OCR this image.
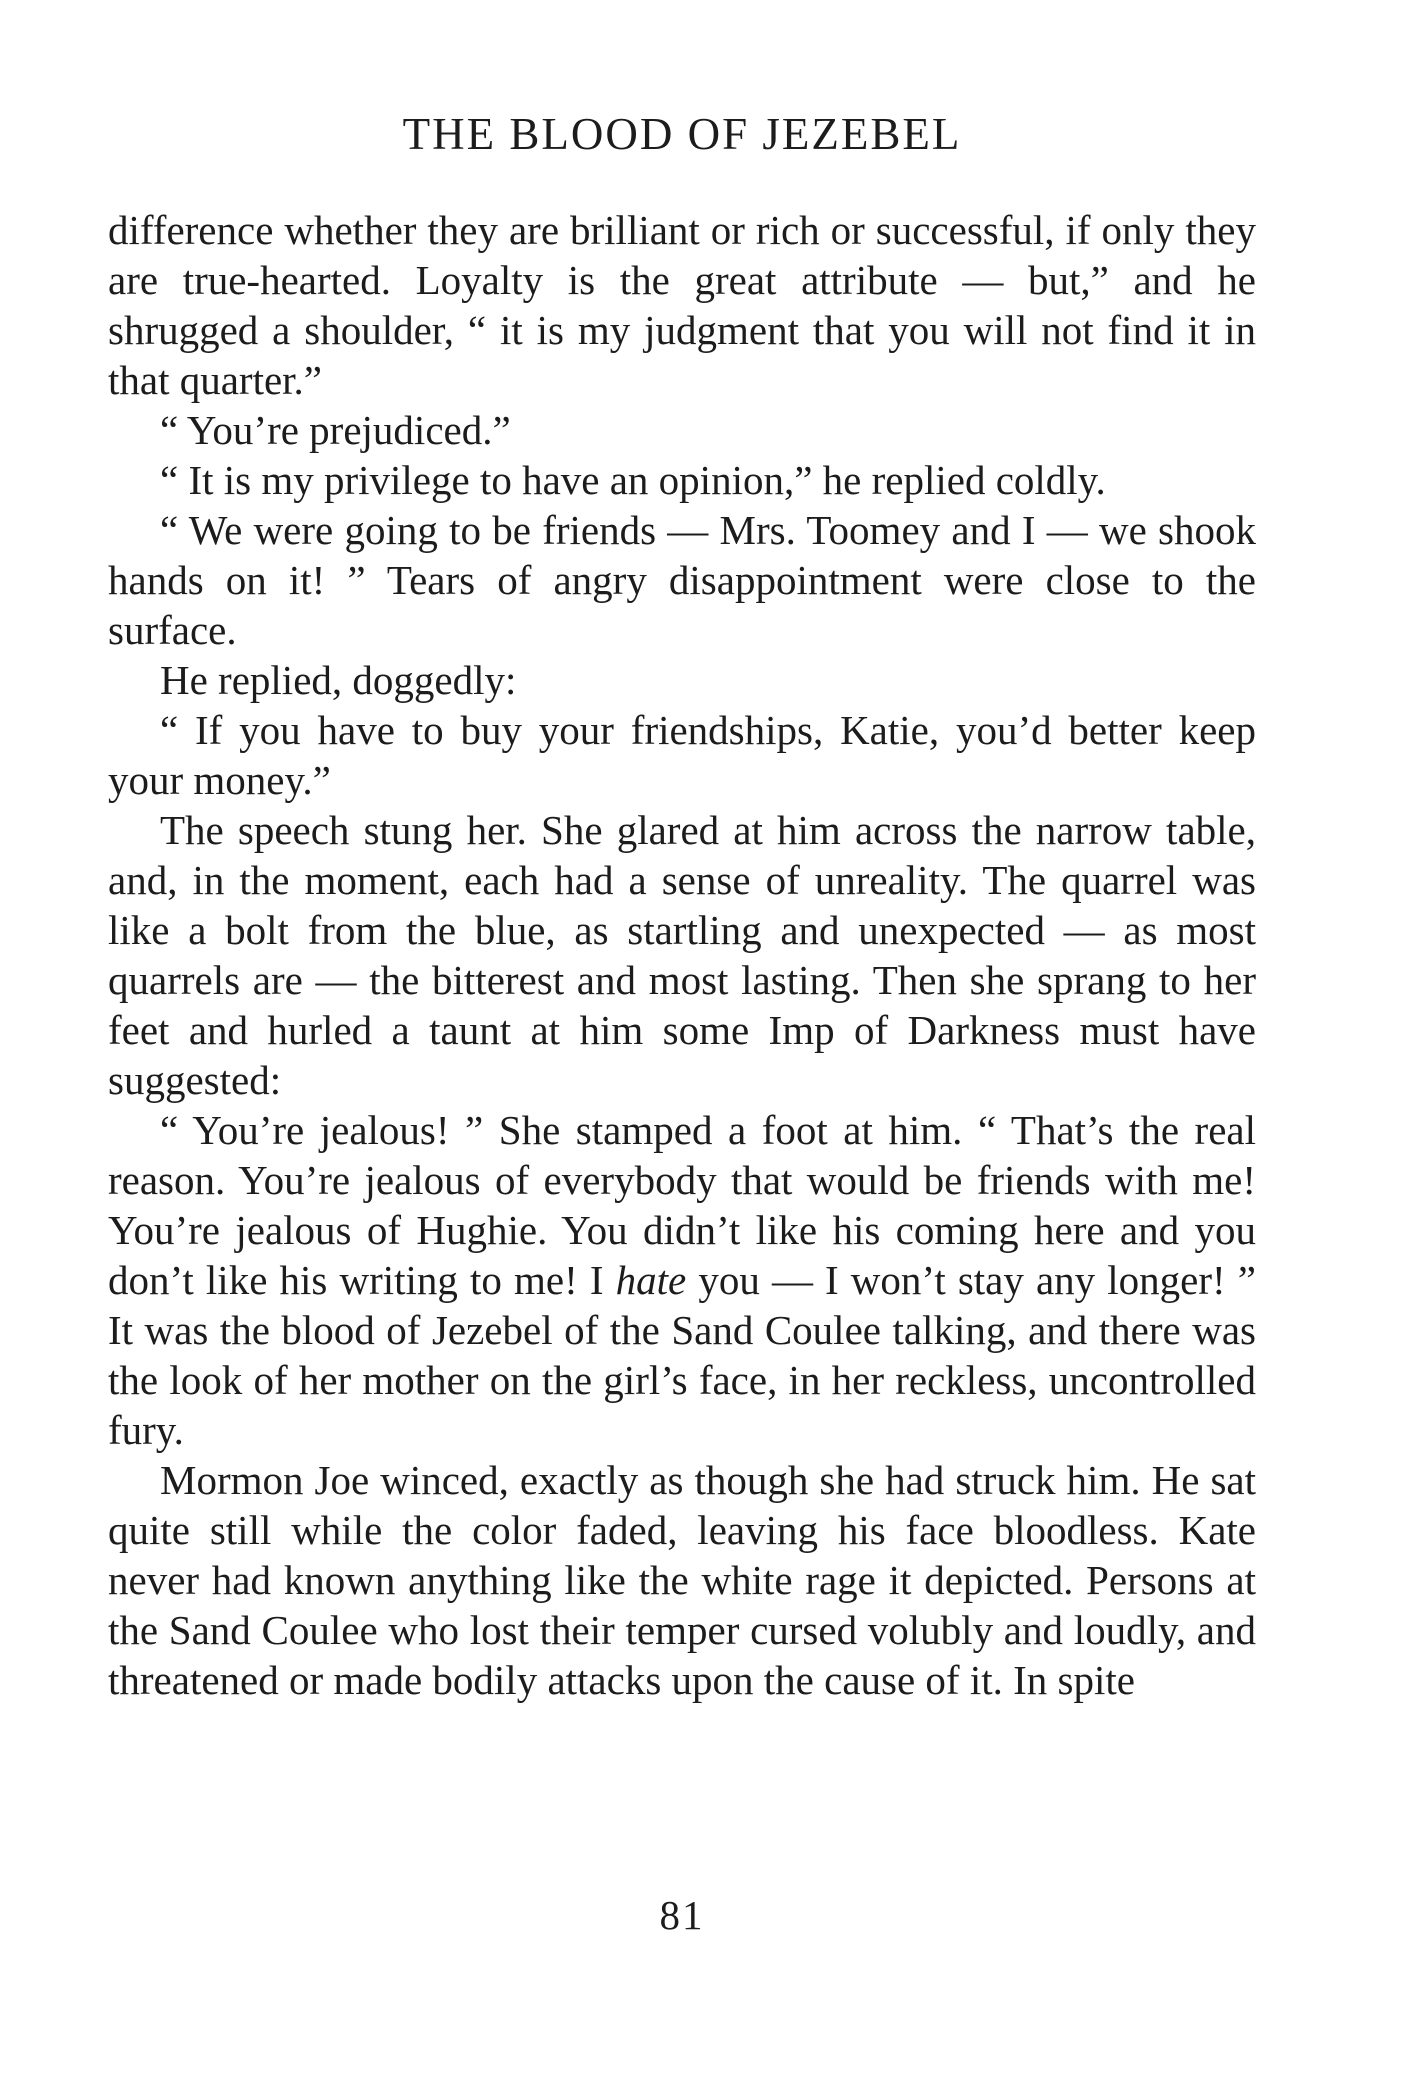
THE BLOOD OF JEZEBEL

difference whether they are brilliant or rich or successful, if only they are true-hearted. Loyalty is the great attribute — but,” and he shrugged a shoulder, “ it is my judgment that you will not find it in that quarter.”

“ You’re prejudiced.”

“ It is my privilege to have an opinion,” he replied coldly.

“ We were going to be friends — Mrs. Toomey and I — we shook hands on it! ” Tears of angry disappointment were close to the surface.

He replied, doggedly:

“ If you have to buy your friendships, Katie, you’d better keep your money.”

The speech stung her. She glared at him across the narrow table, and, in the moment, each had a sense of unreality. The quarrel was like a bolt from the blue, as startling and unexpected — as most quarrels are — the bitterest and most lasting. Then she sprang to her feet and hurled a taunt at him some Imp of Darkness must have suggested:

“ You’re jealous! ” She stamped a foot at him. “ That’s the real reason. You’re jealous of everybody that would be friends with me! You’re jealous of Hughie. You didn’t like his coming here and you don’t like his writing to me! I hate you — I won’t stay any longer! ” It was the blood of Jezebel of the Sand Coulee talking, and there was the look of her mother on the girl’s face, in her reckless, uncontrolled fury.

Mormon Joe winced, exactly as though she had struck him. He sat quite still while the color faded, leaving his face bloodless. Kate never had known anything like the white rage it depicted. Persons at the Sand Coulee who lost their temper cursed volubly and loudly, and threatened or made bodily attacks upon the cause of it. In spite

81
